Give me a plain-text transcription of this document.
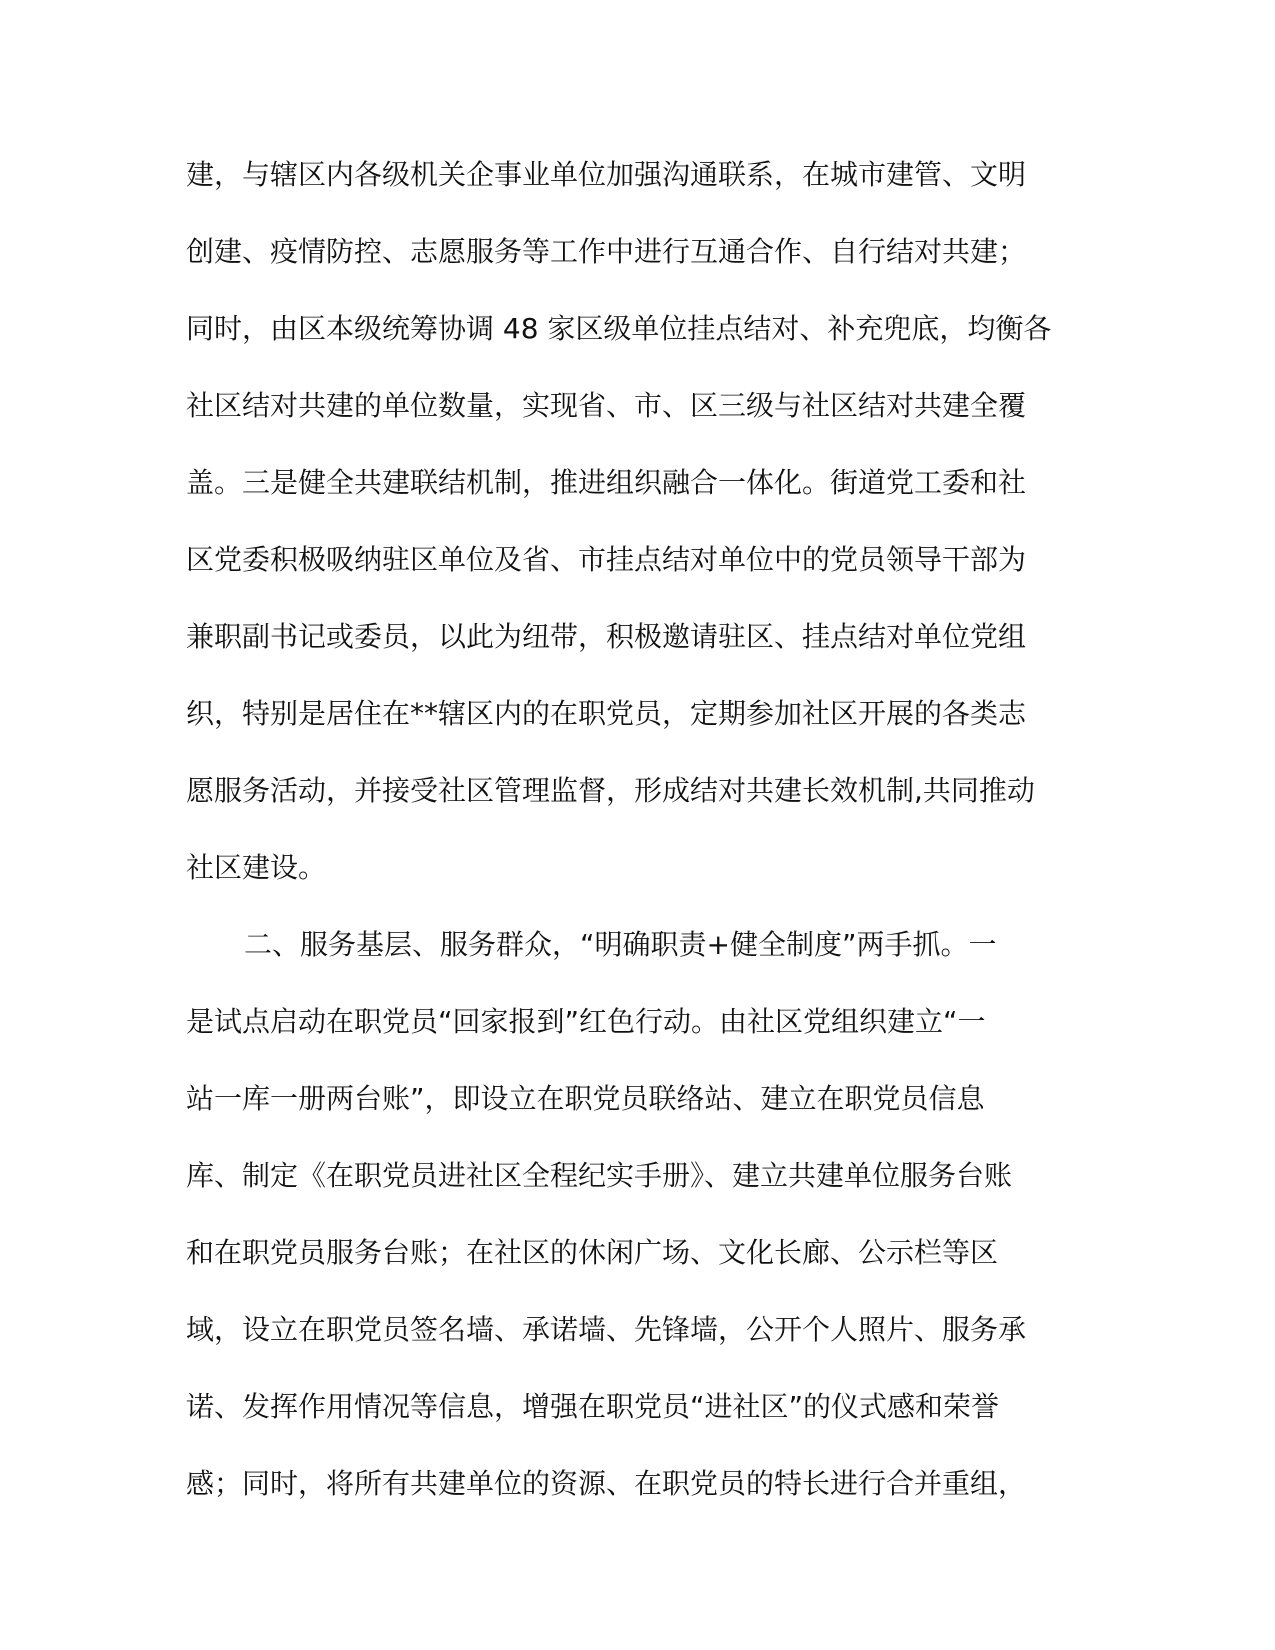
建，与辖区内各级机关企事业单位加强沟通联系，在城市建管、文明
创建、疫情防控、志愿服务等工作中进行互通合作、自行结对共建；
同时，由区本级统筹协调 48 家区级单位挂点结对、补充兜底，均衡各
社区结对共建的单位数量，实现省、市、区三级与社区结对共建全覆
盖。三是健全共建联结机制，推进组织融合一体化。街道党工委和社
区党委积极吸纳驻区单位及省、市挂点结对单位中的党员领导干部为
兼职副书记或委员，以此为纽带，积极邀请驻区、挂点结对单位党组
织，特别是居住在**辖区内的在职党员，定期参加社区开展的各类志
愿服务活动，并接受社区管理监督，形成结对共建长效机制,共同推动
社区建设。
二、服务基层、服务群众，“明确职责+健全制度”两手抓。一
是试点启动在职党员“回家报到”红色行动。由社区党组织建立“一
站一库一册两台账”，即设立在职党员联络站、建立在职党员信息
库、制定《在职党员进社区全程纪实手册》、建立共建单位服务台账
和在职党员服务台账；在社区的休闲广场、文化长廊、公示栏等区
域，设立在职党员签名墙、承诺墙、先锋墙，公开个人照片、服务承
诺、发挥作用情况等信息，增强在职党员“进社区”的仪式感和荣誉
感；同时，将所有共建单位的资源、在职党员的特长进行合并重组，
